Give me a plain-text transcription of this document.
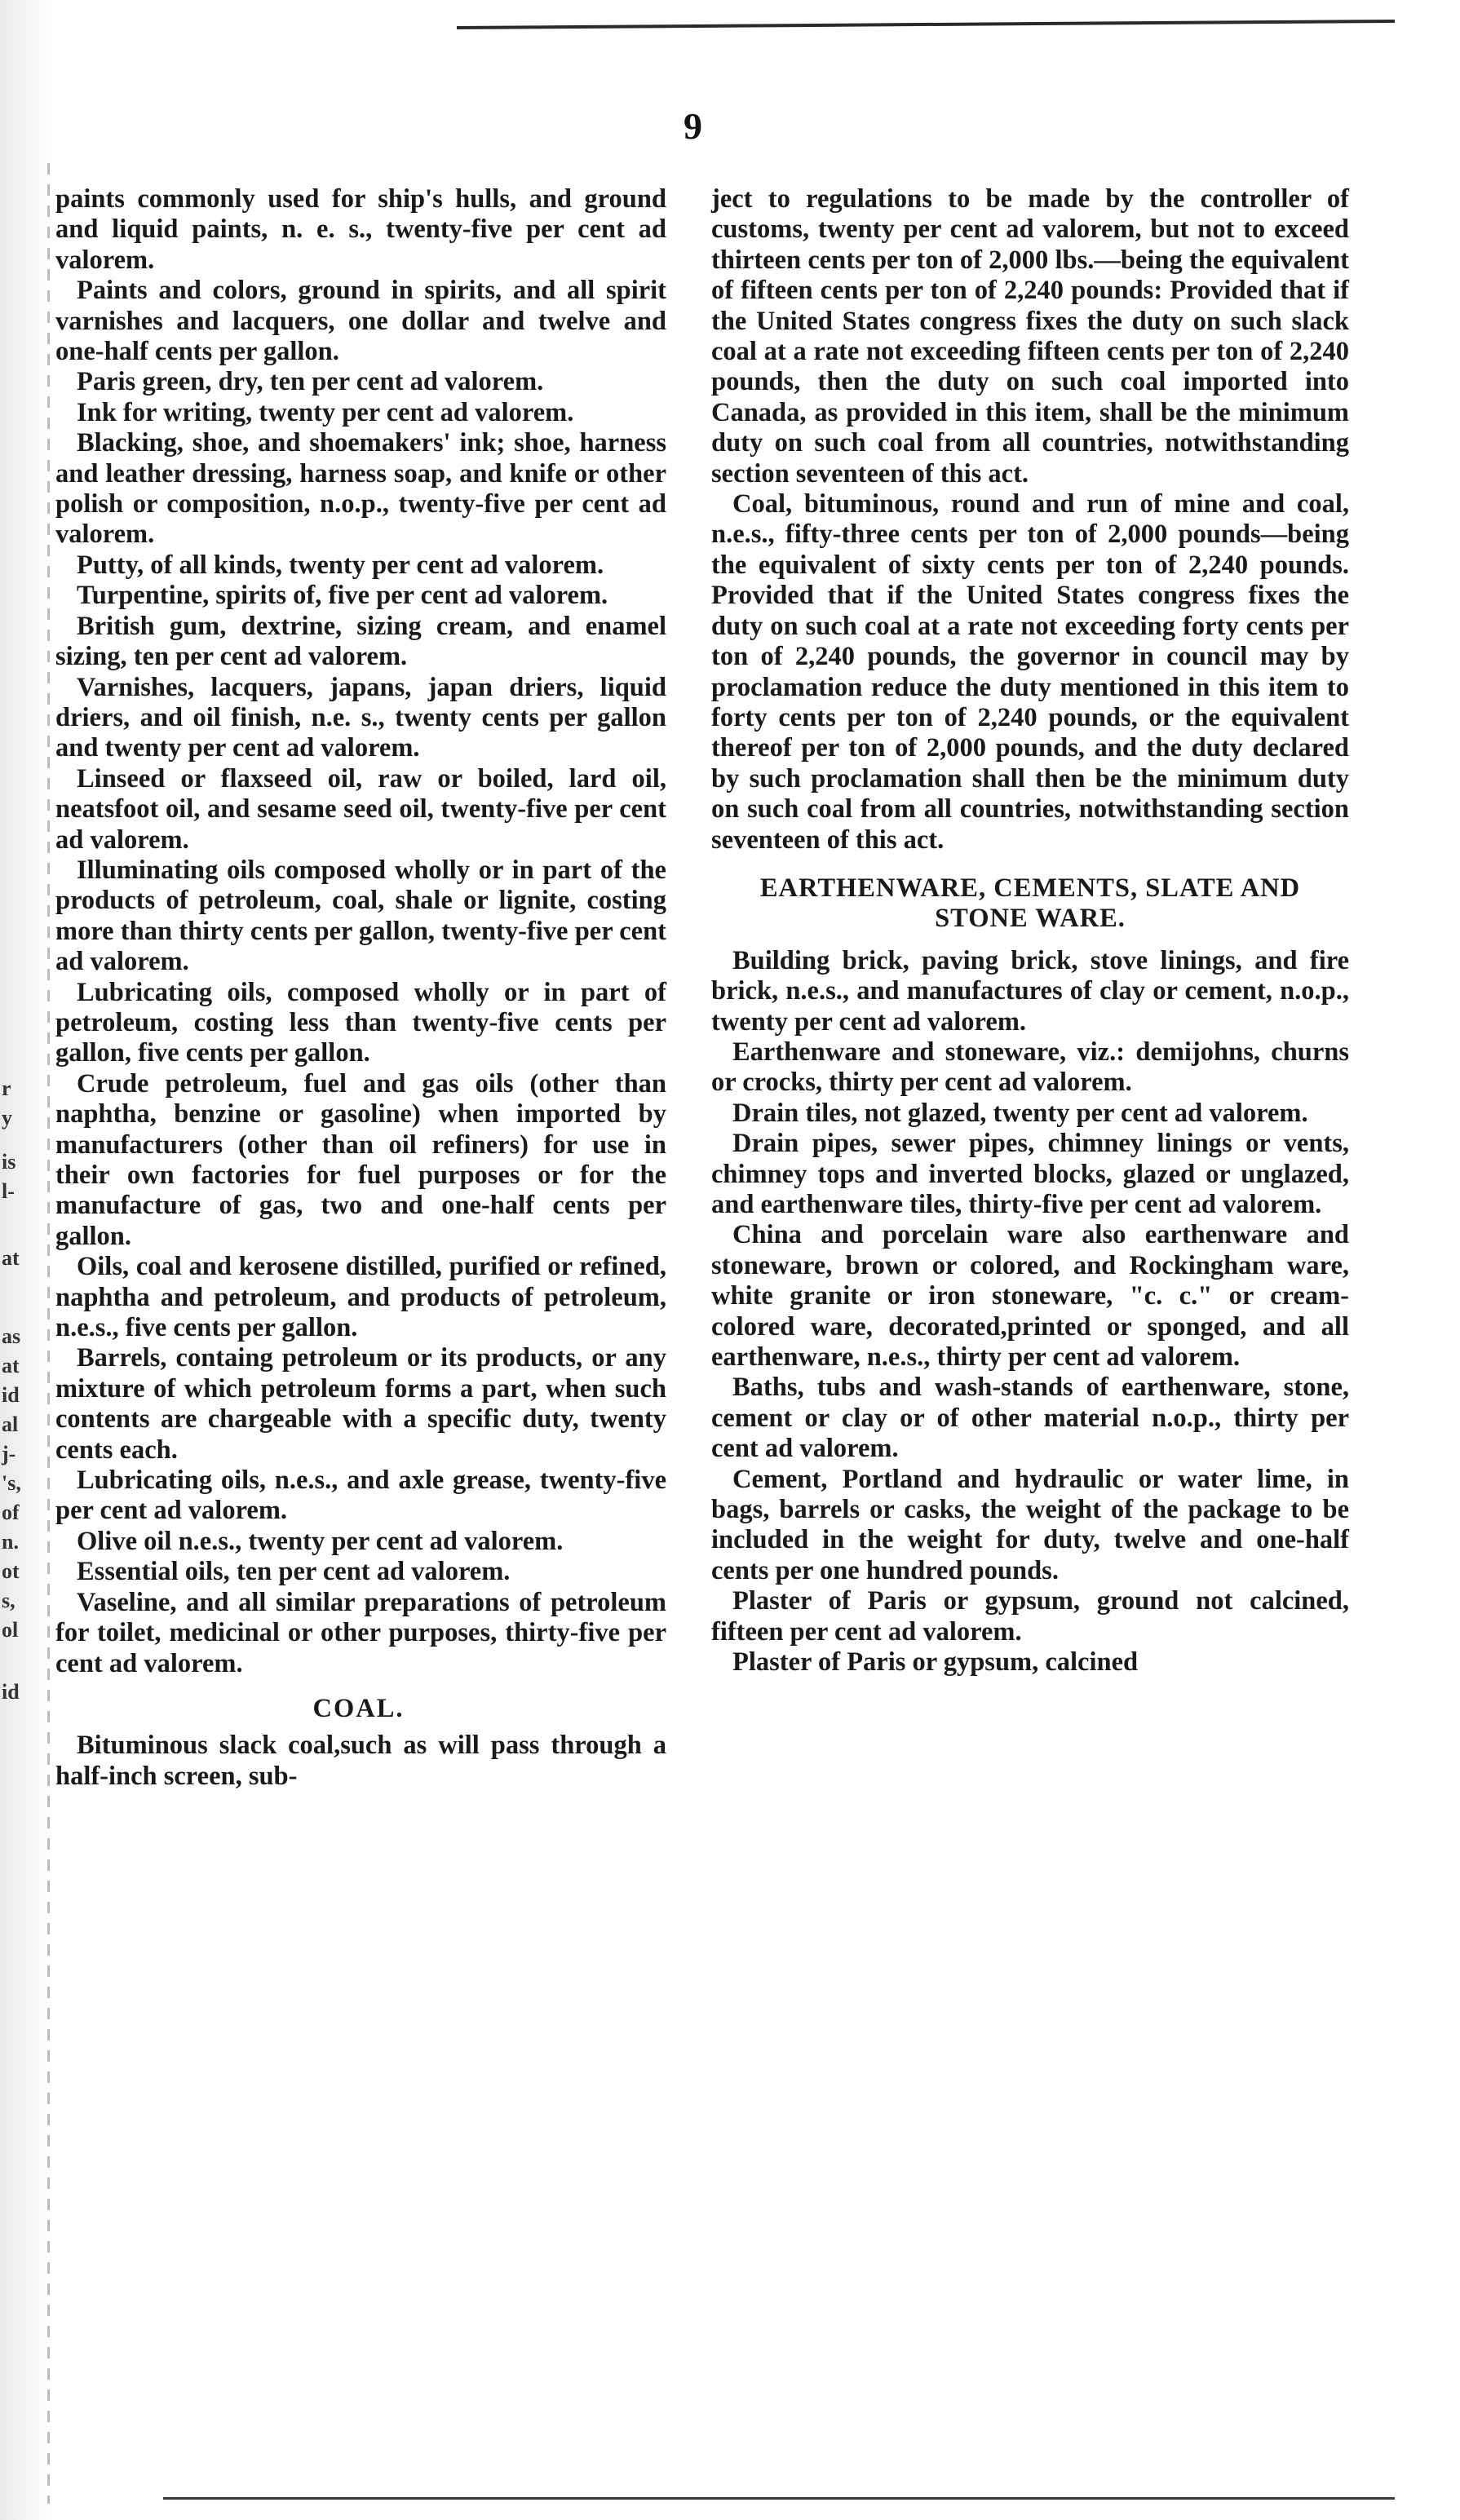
is
l-
at
as
at
id
al
j-
's,
of
n.
ot
s,
ol
id
r
y
9

paints commonly used for ship's hulls, and ground and liquid paints, n. e. s., twenty-five per cent ad valorem.

Paints and colors, ground in spirits, and all spirit varnishes and lacquers, one dollar and twelve and one-half cents per gallon.

Paris green, dry, ten per cent ad valorem.

Ink for writing, twenty per cent ad valorem.

Blacking, shoe, and shoemakers' ink; shoe, harness and leather dressing, harness soap, and knife or other polish or composition, n.o.p., twenty-five per cent ad valorem.

Putty, of all kinds, twenty per cent ad valorem.

Turpentine, spirits of, five per cent ad valorem.

British gum, dextrine, sizing cream, and enamel sizing, ten per cent ad valorem.

Varnishes, lacquers, japans, japan driers, liquid driers, and oil finish, n.e. s., twenty cents per gallon and twenty per cent ad valorem.

Linseed or flaxseed oil, raw or boiled, lard oil, neatsfoot oil, and sesame seed oil, twenty-five per cent ad valorem.

Illuminating oils composed wholly or in part of the products of petroleum, coal, shale or lignite, costing more than thirty cents per gallon, twenty-five per cent ad valorem.

Lubricating oils, composed wholly or in part of petroleum, costing less than twenty-five cents per gallon, five cents per gallon.

Crude petroleum, fuel and gas oils (other than naphtha, benzine or gasoline) when imported by manufacturers (other than oil refiners) for use in their own factories for fuel purposes or for the manufacture of gas, two and one-half cents per gallon.

Oils, coal and kerosene distilled, purified or refined, naphtha and petroleum, and products of petroleum, n.e.s., five cents per gallon.

Barrels, containg petroleum or its products, or any mixture of which petroleum forms a part, when such contents are chargeable with a specific duty, twenty cents each.

Lubricating oils, n.e.s., and axle grease, twenty-five per cent ad valorem.

Olive oil n.e.s., twenty per cent ad valorem.

Essential oils, ten per cent ad valorem.

Vaseline, and all similar preparations of petroleum for toilet, medicinal or other purposes, thirty-five per cent ad valorem.

COAL.

Bituminous slack coal,such as will pass through a half-inch screen, sub-

ject to regulations to be made by the controller of customs, twenty per cent ad valorem, but not to exceed thirteen cents per ton of 2,000 lbs.—being the equivalent of fifteen cents per ton of 2,240 pounds: Provided that if the United States congress fixes the duty on such slack coal at a rate not exceeding fifteen cents per ton of 2,240 pounds, then the duty on such coal imported into Canada, as provided in this item, shall be the minimum duty on such coal from all countries, notwithstanding section seventeen of this act.

Coal, bituminous, round and run of mine and coal, n.e.s., fifty-three cents per ton of 2,000 pounds—being the equivalent of sixty cents per ton of 2,240 pounds. Provided that if the United States congress fixes the duty on such coal at a rate not exceeding forty cents per ton of 2,240 pounds, the governor in council may by proclamation reduce the duty mentioned in this item to forty cents per ton of 2,240 pounds, or the equivalent thereof per ton of 2,000 pounds, and the duty declared by such proclamation shall then be the minimum duty on such coal from all countries, notwithstanding section seventeen of this act.

EARTHENWARE, CEMENTS, SLATE AND STONE WARE.

Building brick, paving brick, stove linings, and fire brick, n.e.s., and manufactures of clay or cement, n.o.p., twenty per cent ad valorem.

Earthenware and stoneware, viz.: demijohns, churns or crocks, thirty per cent ad valorem.

Drain tiles, not glazed, twenty per cent ad valorem.

Drain pipes, sewer pipes, chimney linings or vents, chimney tops and inverted blocks, glazed or unglazed, and earthenware tiles, thirty-five per cent ad valorem.

China and porcelain ware also earthenware and stoneware, brown or colored, and Rockingham ware, white granite or iron stoneware, "c. c." or cream-colored ware, decorated,printed or sponged, and all earthenware, n.e.s., thirty per cent ad valorem.

Baths, tubs and wash-stands of earthenware, stone, cement or clay or of other material n.o.p., thirty per cent ad valorem.

Cement, Portland and hydraulic or water lime, in bags, barrels or casks, the weight of the package to be included in the weight for duty, twelve and one-half cents per one hundred pounds.

Plaster of Paris or gypsum, ground not calcined, fifteen per cent ad valorem.

Plaster of Paris or gypsum, calcined
